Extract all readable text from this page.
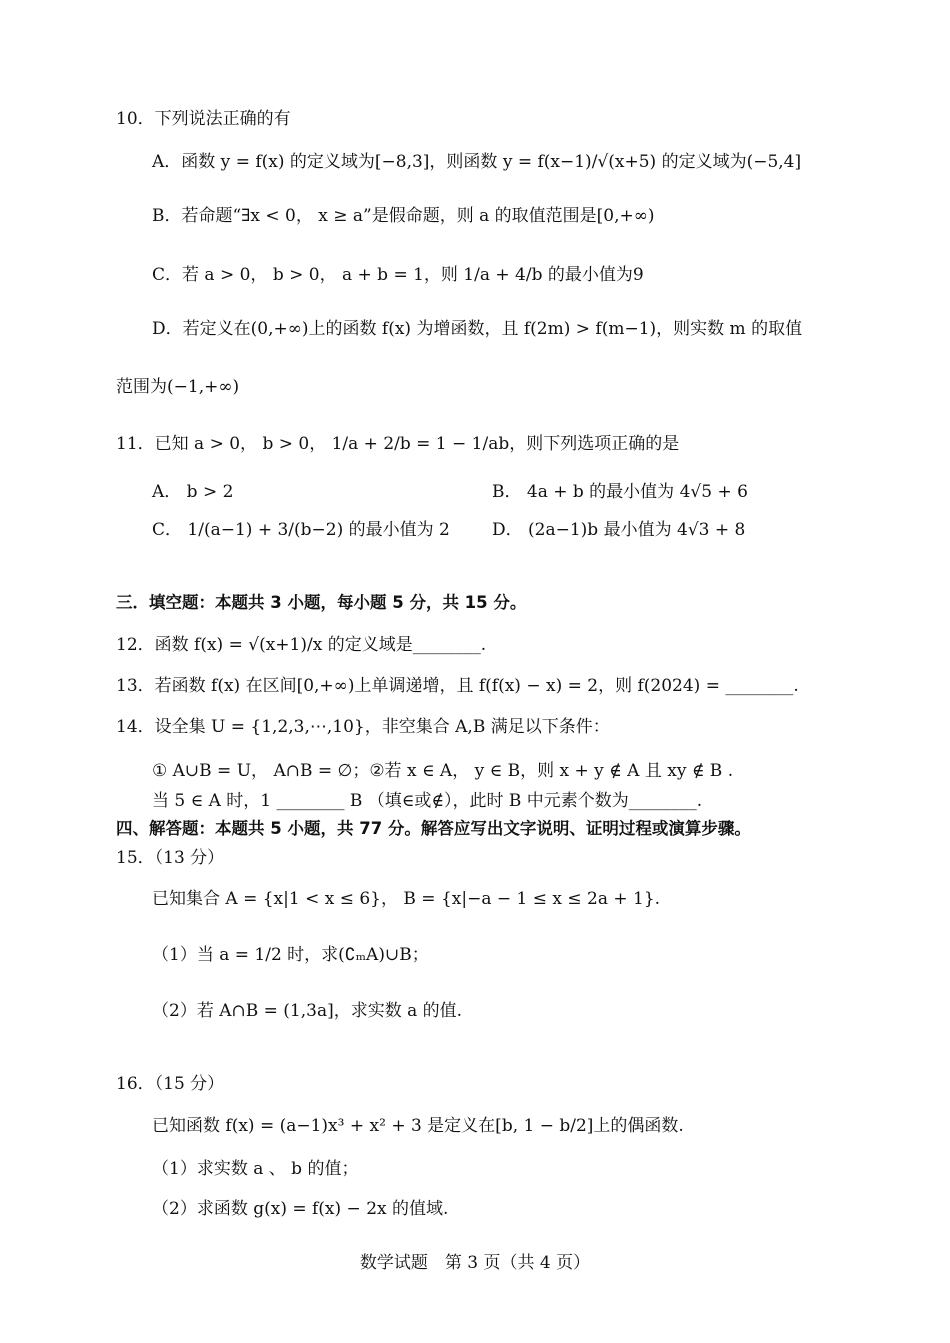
10．下列说法正确的有
A．函数 y = f(x) 的定义域为[−8,3]，则函数 y = f(x−1)/√(x+5) 的定义域为(−5,4]
B．若命题“∃x < 0， x ≥ a”是假命题，则 a 的取值范围是[0,+∞)
C．若 a > 0， b > 0， a + b = 1，则 1/a + 4/b 的最小值为9
D．若定义在(0,+∞)上的函数 f(x) 为增函数，且 f(2m) > f(m−1)，则实数 m 的取值
范围为(−1,+∞)
11．已知 a > 0， b > 0， 1/a + 2/b = 1 − 1/ab，则下列选项正确的是
A． b > 2	B． 4a + b 的最小值为 4√5 + 6
C． 1/(a−1) + 3/(b−2) 的最小值为 2 D． (2a−1)b 最小值为 4√3 + 8
三．填空题：本题共 3 小题，每小题 5 分，共 15 分。
12．函数 f(x) = √(x+1)/x 的定义域是________.
13．若函数 f(x) 在区间[0,+∞)上单调递增，且 f(f(x) − x) = 2，则 f(2024) = ________.
14．设全集 U = {1,2,3,⋯,10}，非空集合 A,B 满足以下条件：
① A∪B = U， A∩B = ∅；②若 x ∈ A， y ∈ B，则 x + y ∉ A 且 xy ∉ B .
当 5 ∈ A 时，1 ________ B （填∈或∉），此时 B 中元素个数为________.
四、解答题：本题共 5 小题，共 77 分。解答应写出文字说明、证明过程或演算步骤。
15．（13 分）
已知集合 A = {x|1 < x ≤ 6}， B = {x|−a − 1 ≤ x ≤ 2a + 1}.
（1）当 a = 1/2 时，求(∁ₘA)∪B；
（2）若 A∩B = (1,3a]，求实数 a 的值.
16．（15 分）
已知函数 f(x) = (a−1)x³ + x² + 3 是定义在[b, 1 − b/2]上的偶函数.
（1）求实数 a 、 b 的值；
（2）求函数 g(x) = f(x) − 2x 的值域.
数学试题　第 3 页（共 4 页）
